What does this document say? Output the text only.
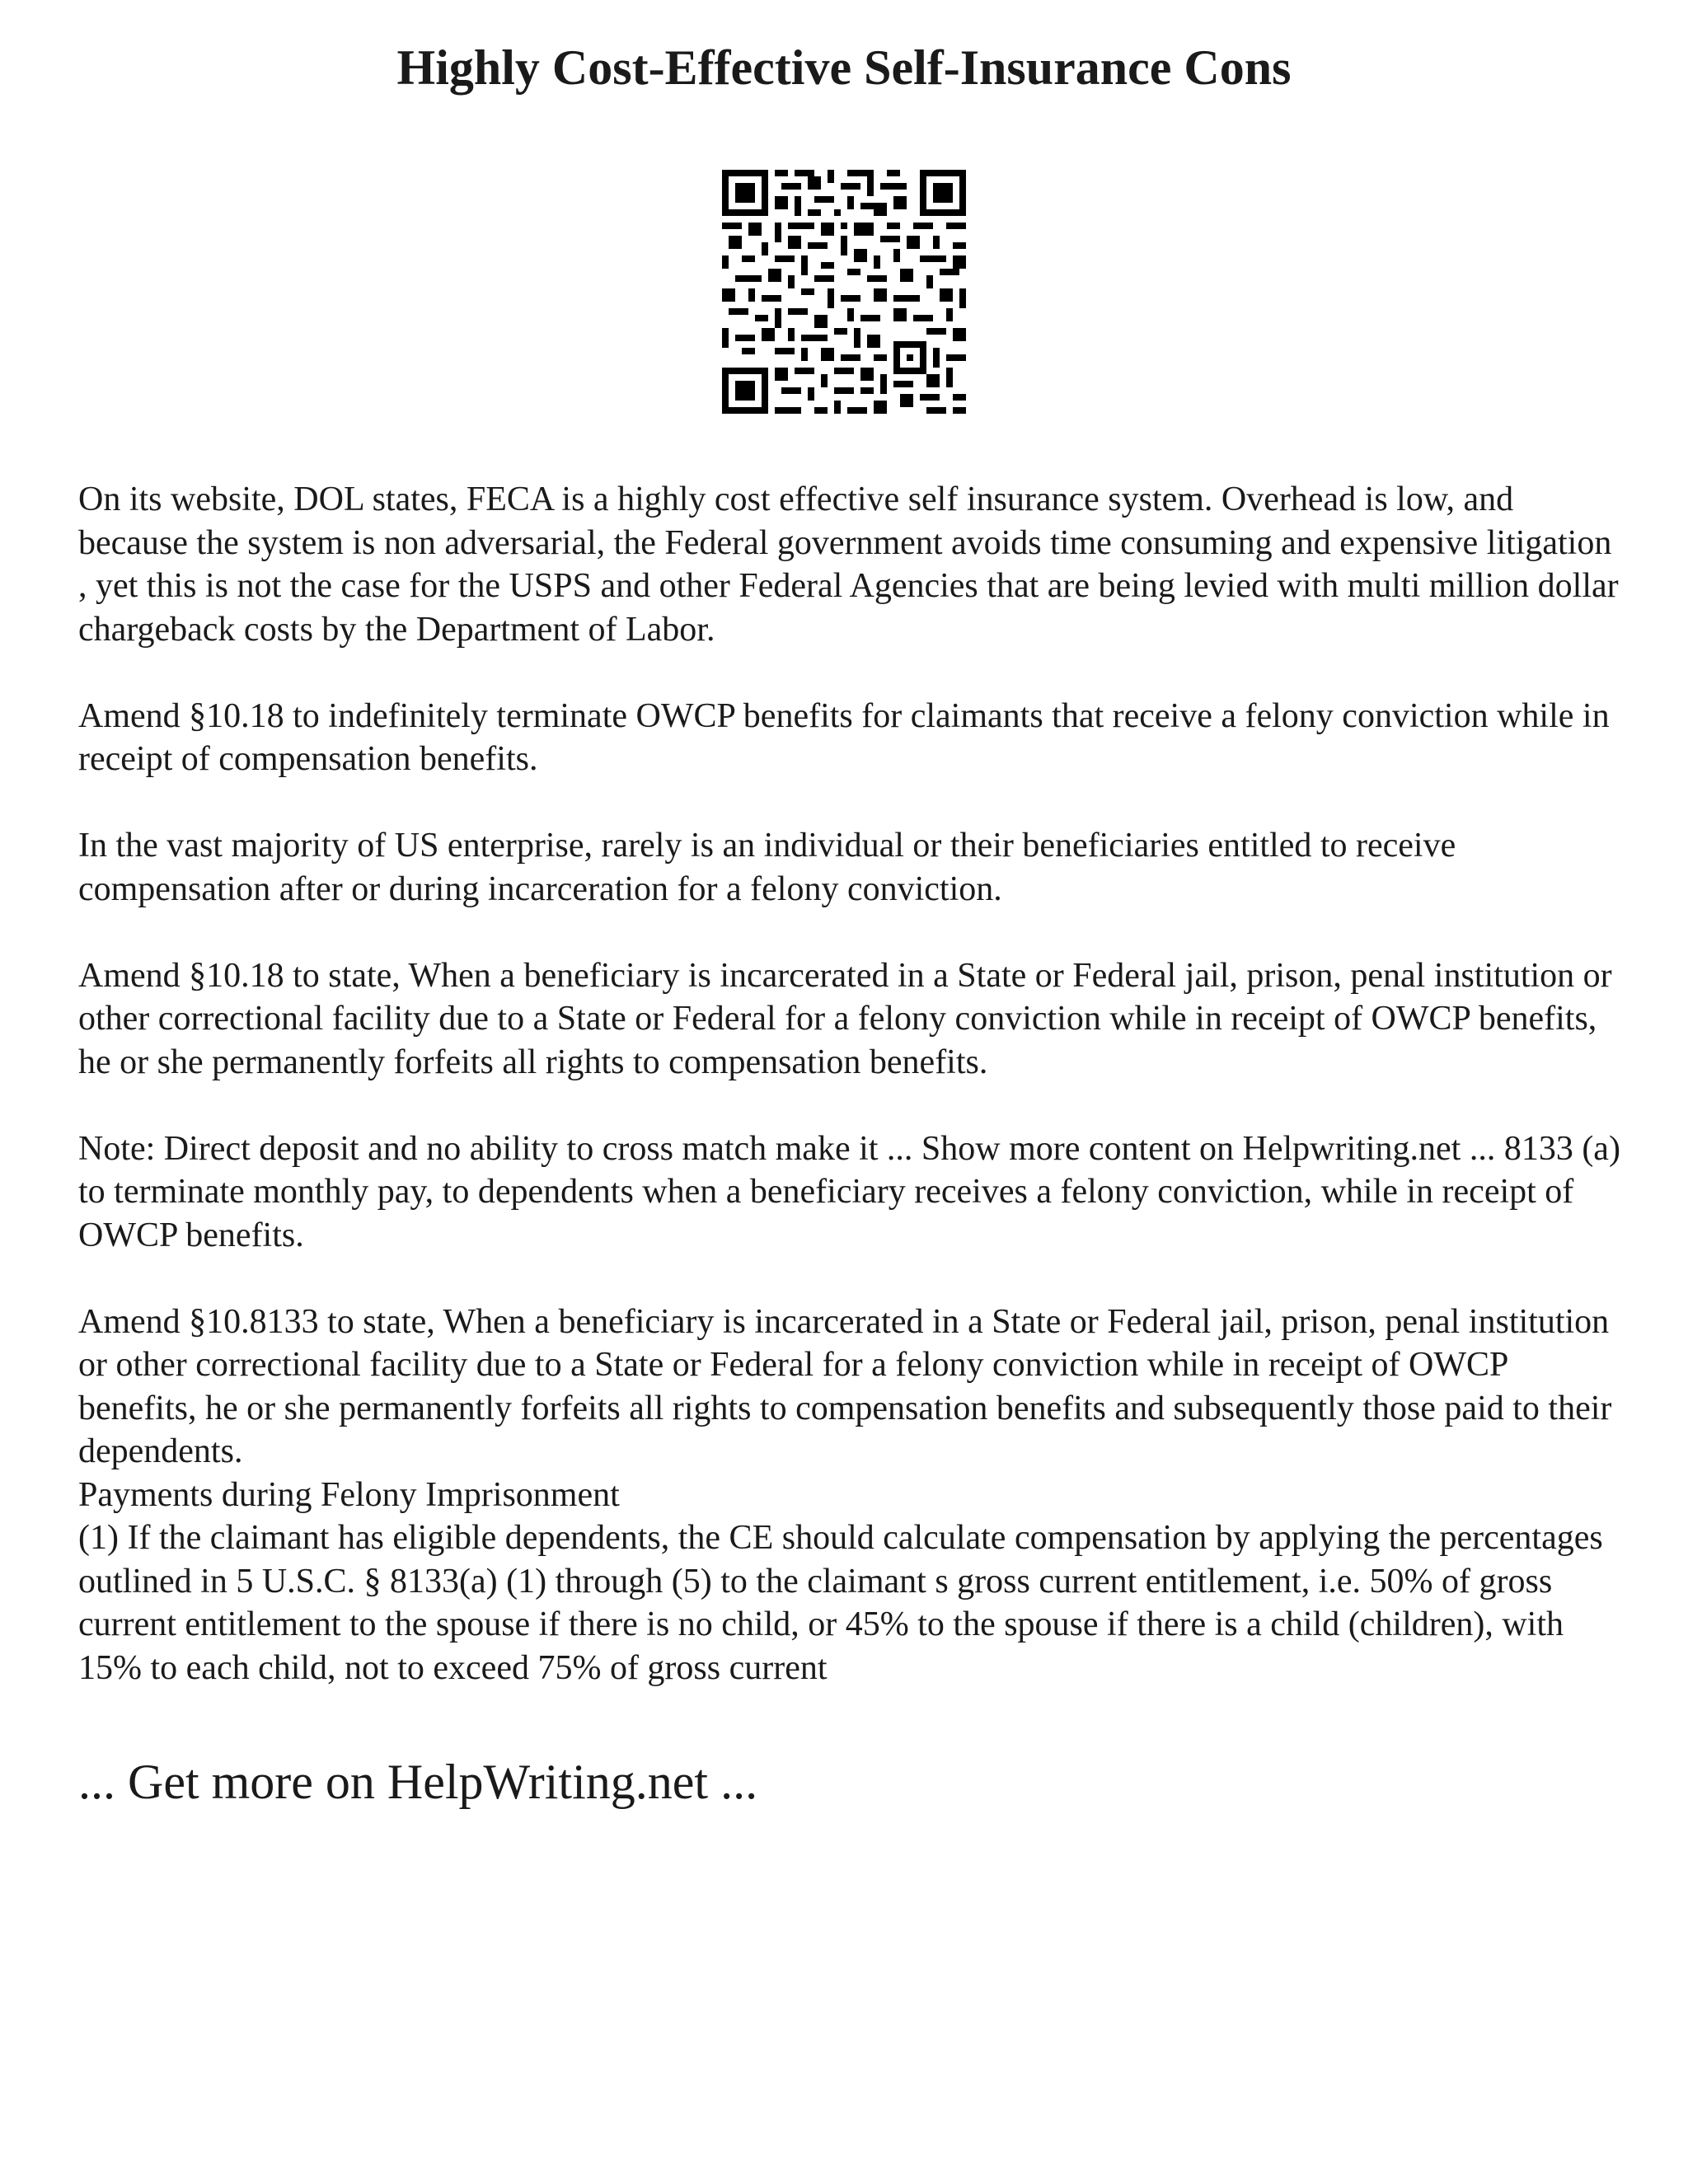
Highly Cost-Effective Self-Insurance Cons

On its website, DOL states, FECA is a highly cost effective self insurance system. Overhead is low, and because the system is non adversarial, the Federal government avoids time consuming and expensive litigation , yet this is not the case for the USPS and other Federal Agencies that are being levied with multi million dollar chargeback costs by the Department of Labor.

Amend §10.18 to indefinitely terminate OWCP benefits for claimants that receive a felony conviction while in receipt of compensation benefits.

In the vast majority of US enterprise, rarely is an individual or their beneficiaries entitled to receive compensation after or during incarceration for a felony conviction.

Amend §10.18 to state, When a beneficiary is incarcerated in a State or Federal jail, prison, penal institution or other correctional facility due to a State or Federal for a felony conviction while in receipt of OWCP benefits, he or she permanently forfeits all rights to compensation benefits.

Note: Direct deposit and no ability to cross match make it ... Show more content on Helpwriting.net ... 8133 (a) to terminate monthly pay, to dependents when a beneficiary receives a felony conviction, while in receipt of OWCP benefits.

Amend §10.8133 to state, When a beneficiary is incarcerated in a State or Federal jail, prison, penal institution or other correctional facility due to a State or Federal for a felony conviction while in receipt of OWCP benefits, he or she permanently forfeits all rights to compensation benefits and subsequently those paid to their dependents.

Payments during Felony Imprisonment

(1) If the claimant has eligible dependents, the CE should calculate compensation by applying the percentages outlined in 5 U.S.C. § 8133(a) (1) through (5) to the claimant s gross current entitlement, i.e. 50% of gross current entitlement to the spouse if there is no child, or 45% to the spouse if there is a child (children), with 15% to each child, not to exceed 75% of gross current

... Get more on HelpWriting.net ...
